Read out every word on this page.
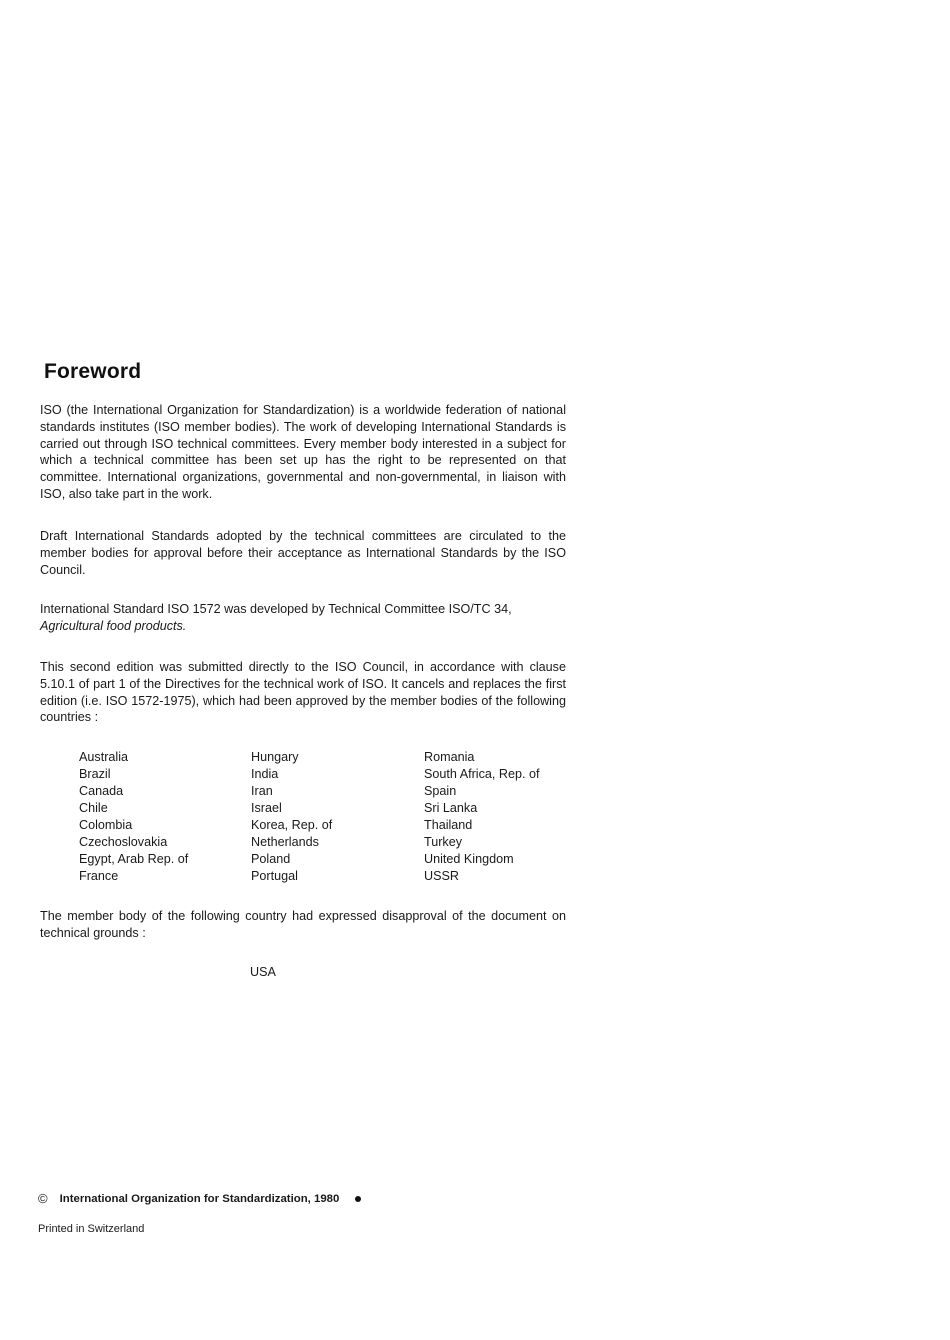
Foreword

ISO (the International Organization for Standardization) is a worldwide federation of national standards institutes (ISO member bodies). The work of developing International Standards is carried out through ISO technical committees. Every member body interested in a subject for which a technical committee has been set up has the right to be represented on that committee. International organizations, governmental and non-governmental, in liaison with ISO, also take part in the work.

Draft International Standards adopted by the technical committees are circulated to the member bodies for approval before their acceptance as International Standards by the ISO Council.

International Standard ISO 1572 was developed by Technical Committee ISO/TC 34,
Agricultural food products.

This second edition was submitted directly to the ISO Council, in accordance with clause 5.10.1 of part 1 of the Directives for the technical work of ISO. It cancels and replaces the first edition (i.e. ISO 1572-1975), which had been approved by the member bodies of the following countries :

Australia
Brazil
Canada
Chile
Colombia
Czechoslovakia
Egypt, Arab Rep. of
France
Hungary
India
Iran
Israel
Korea, Rep. of
Netherlands
Poland
Portugal
Romania
South Africa, Rep. of
Spain
Sri Lanka
Thailand
Turkey
United Kingdom
USSR

The member body of the following country had expressed disapproval of the document on technical grounds :

USA
© International Organization for Standardization, 1980
Printed in Switzerland
